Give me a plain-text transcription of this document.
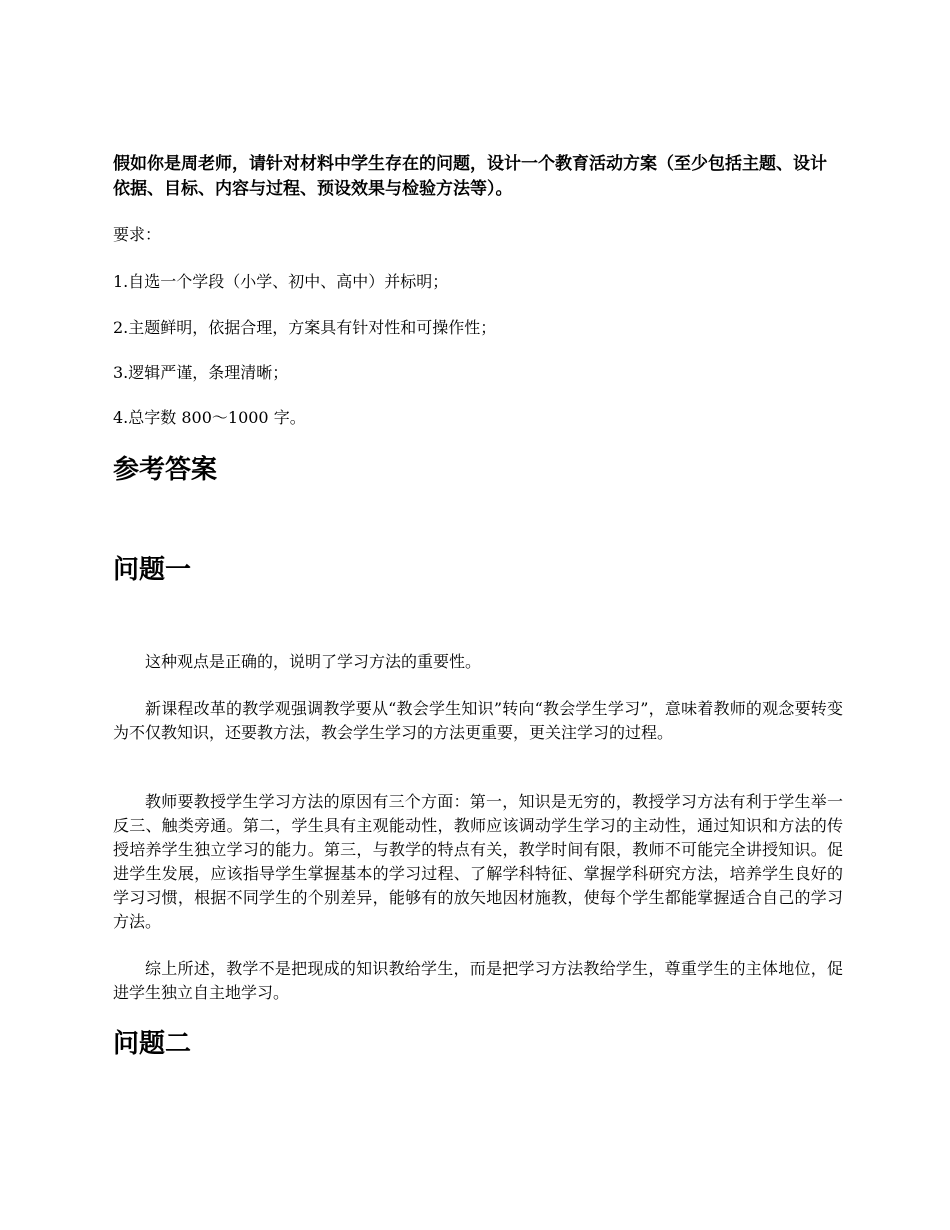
假如你是周老师，请针对材料中学生存在的问题，设计一个教育活动方案（至少包括主题、设计依据、目标、内容与过程、预设效果与检验方法等）。

要求：

1.自选一个学段（小学、初中、高中）并标明；

2.主题鲜明，依据合理，方案具有针对性和可操作性；

3.逻辑严谨，条理清晰；

4.总字数 800～1000 字。

参考答案
问题一

这种观点是正确的，说明了学习方法的重要性。

新课程改革的教学观强调教学要从“教会学生知识”转向“教会学生学习”，意味着教师的观念要转变为不仅教知识，还要教方法，教会学生学习的方法更重要，更关注学习的过程。

教师要教授学生学习方法的原因有三个方面：第一，知识是无穷的，教授学习方法有利于学生举一反三、触类旁通。第二，学生具有主观能动性，教师应该调动学生学习的主动性，通过知识和方法的传授培养学生独立学习的能力。第三，与教学的特点有关，教学时间有限，教师不可能完全讲授知识。促进学生发展，应该指导学生掌握基本的学习过程、了解学科特征、掌握学科研究方法，培养学生良好的学习习惯，根据不同学生的个别差异，能够有的放矢地因材施教，使每个学生都能掌握适合自己的学习方法。

综上所述，教学不是把现成的知识教给学生，而是把学习方法教给学生，尊重学生的主体地位，促进学生独立自主地学习。

问题二
